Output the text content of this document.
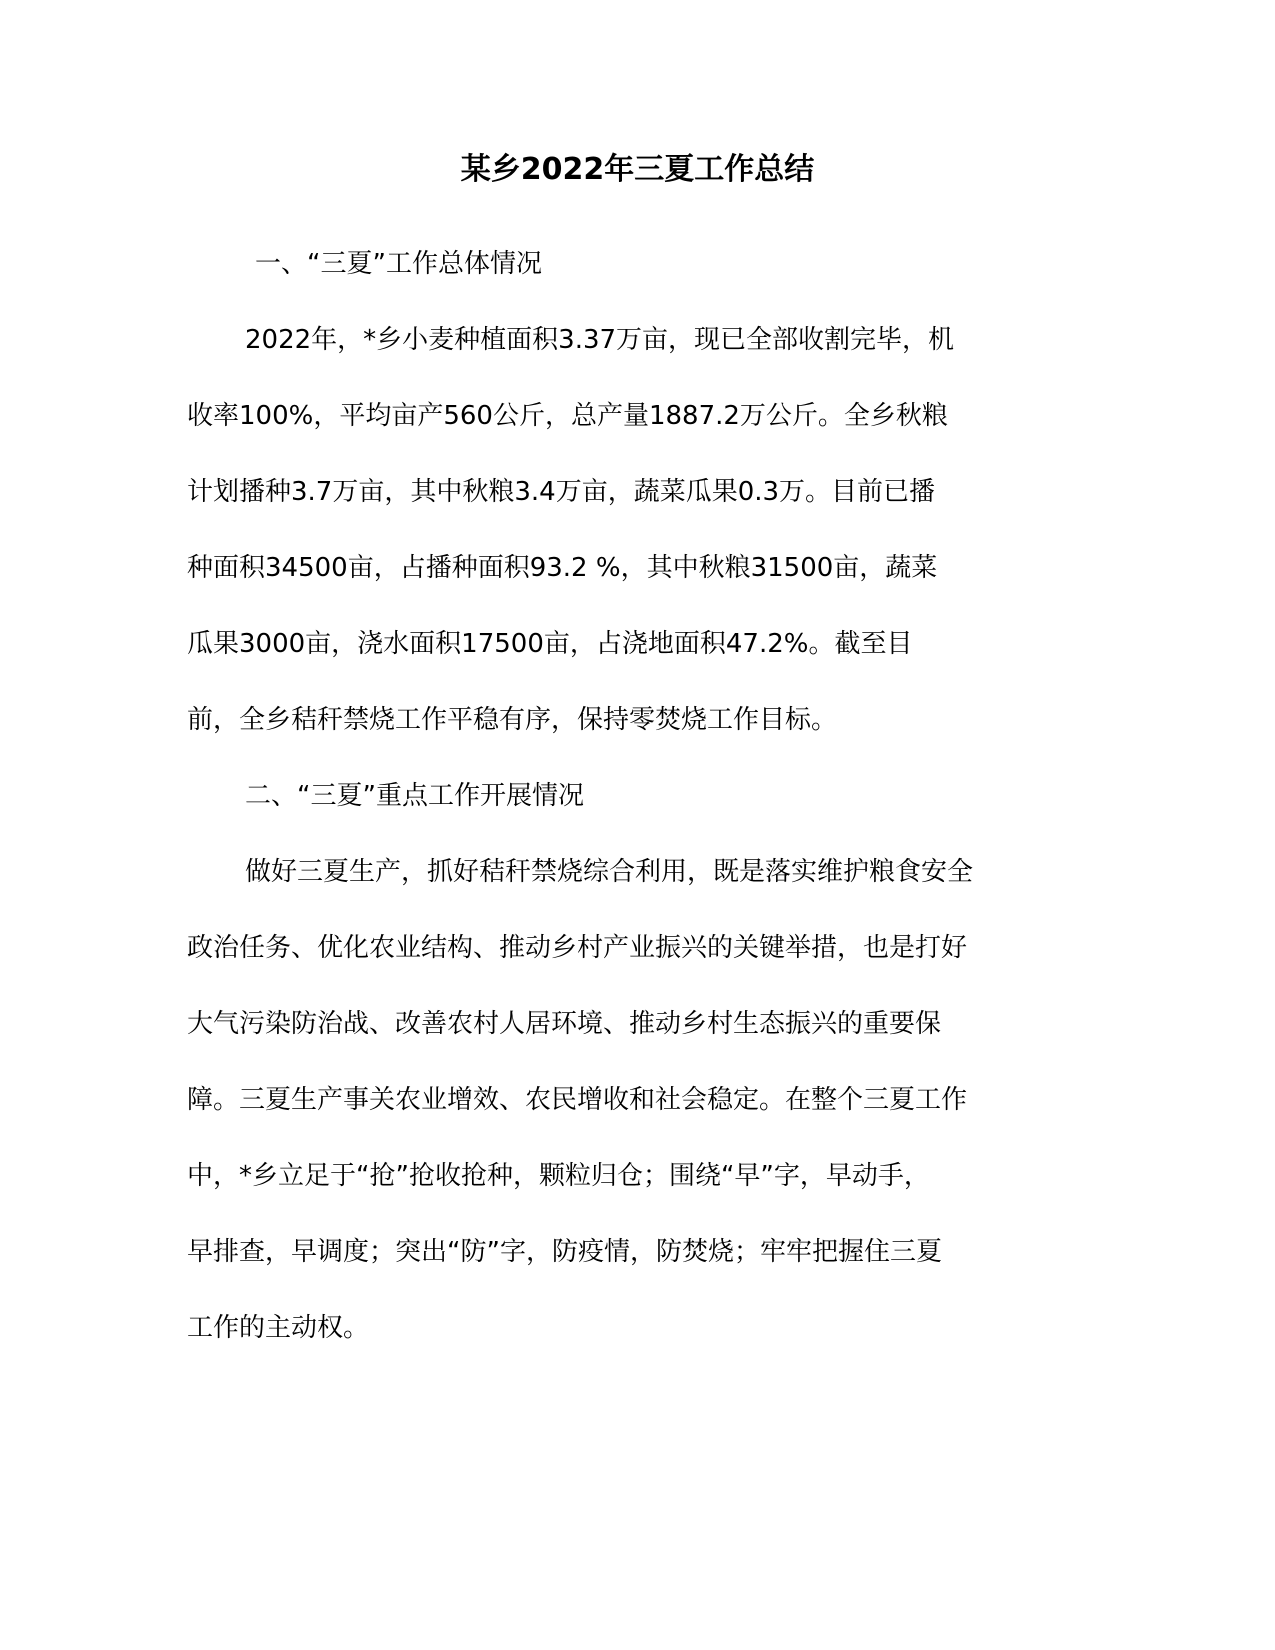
某乡2022年三夏工作总结
一、“三夏”工作总体情况
2022年，*乡小麦种植面积3.37万亩，现已全部收割完毕，机
收率100%，平均亩产560公斤，总产量1887.2万公斤。全乡秋粮
计划播种3.7万亩，其中秋粮3.4万亩，蔬菜瓜果0.3万。目前已播
种面积34500亩，占播种面积93.2 %，其中秋粮31500亩，蔬菜
瓜果3000亩，浇水面积17500亩，占浇地面积47.2%。截至目
前，全乡秸秆禁烧工作平稳有序，保持零焚烧工作目标。
二、“三夏”重点工作开展情况
做好三夏生产，抓好秸秆禁烧综合利用，既是落实维护粮食安全
政治任务、优化农业结构、推动乡村产业振兴的关键举措，也是打好
大气污染防治战、改善农村人居环境、推动乡村生态振兴的重要保
障。三夏生产事关农业增效、农民增收和社会稳定。在整个三夏工作
中，*乡立足于“抢”抢收抢种，颗粒归仓；围绕“早”字，早动手，
早排查，早调度；突出“防”字，防疫情，防焚烧；牢牢把握住三夏
工作的主动权。
